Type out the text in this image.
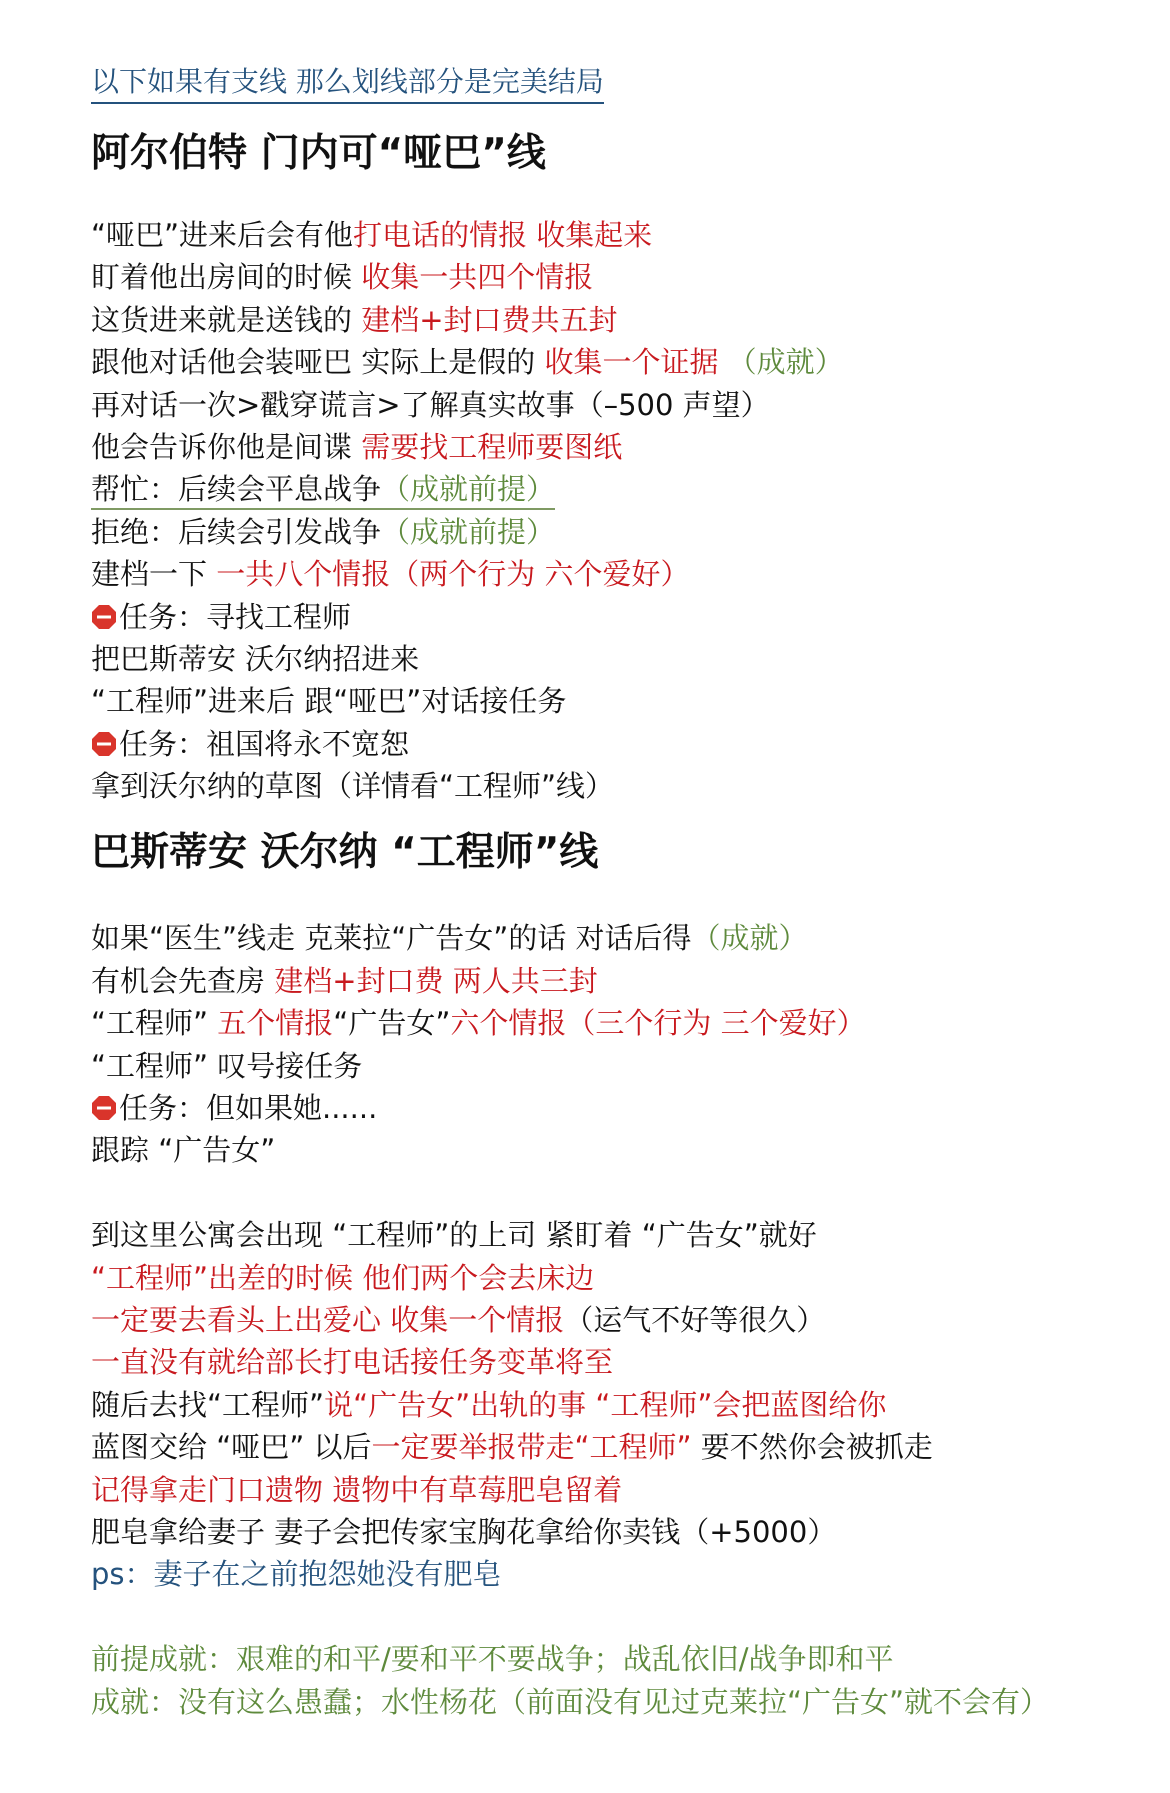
以下如果有支线 那么划线部分是完美结局
阿尔伯特 门内可“哑巴”线
“哑巴”进来后会有他打电话的情报 收集起来
盯着他出房间的时候 收集一共四个情报
这货进来就是送钱的 建档+封口费共五封
跟他对话他会装哑巴 实际上是假的 收集一个证据 （成就）
再对话一次>戳穿谎言>了解真实故事（–500 声望）
他会告诉你他是间谍 需要找工程师要图纸
帮忙：后续会平息战争（成就前提）
拒绝：后续会引发战争（成就前提）
建档一下 一共八个情报（两个行为 六个爱好）
任务：寻找工程师
把巴斯蒂安 沃尔纳招进来
“工程师”进来后 跟“哑巴”对话接任务
任务：祖国将永不宽恕
拿到沃尔纳的草图（详情看“工程师”线）
巴斯蒂安 沃尔纳 “工程师”线
如果“医生”线走 克莱拉“广告女”的话 对话后得（成就）
有机会先查房 建档+封口费 两人共三封
“工程师” 五个情报“广告女”六个情报（三个行为 三个爱好）
“工程师” 叹号接任务
任务：但如果她......
跟踪 “广告女”
到这里公寓会出现 “工程师”的上司 紧盯着 “广告女”就好
“工程师”出差的时候 他们两个会去床边
一定要去看头上出爱心 收集一个情报（运气不好等很久）
一直没有就给部长打电话接任务变革将至
随后去找“工程师”说“广告女”出轨的事 “工程师”会把蓝图给你
蓝图交给 “哑巴” 以后一定要举报带走“工程师” 要不然你会被抓走
记得拿走门口遗物 遗物中有草莓肥皂留着
肥皂拿给妻子 妻子会把传家宝胸花拿给你卖钱（+5000）
ps：妻子在之前抱怨她没有肥皂
前提成就：艰难的和平/要和平不要战争；战乱依旧/战争即和平
成就：没有这么愚蠢；水性杨花（前面没有见过克莱拉“广告女”就不会有）
